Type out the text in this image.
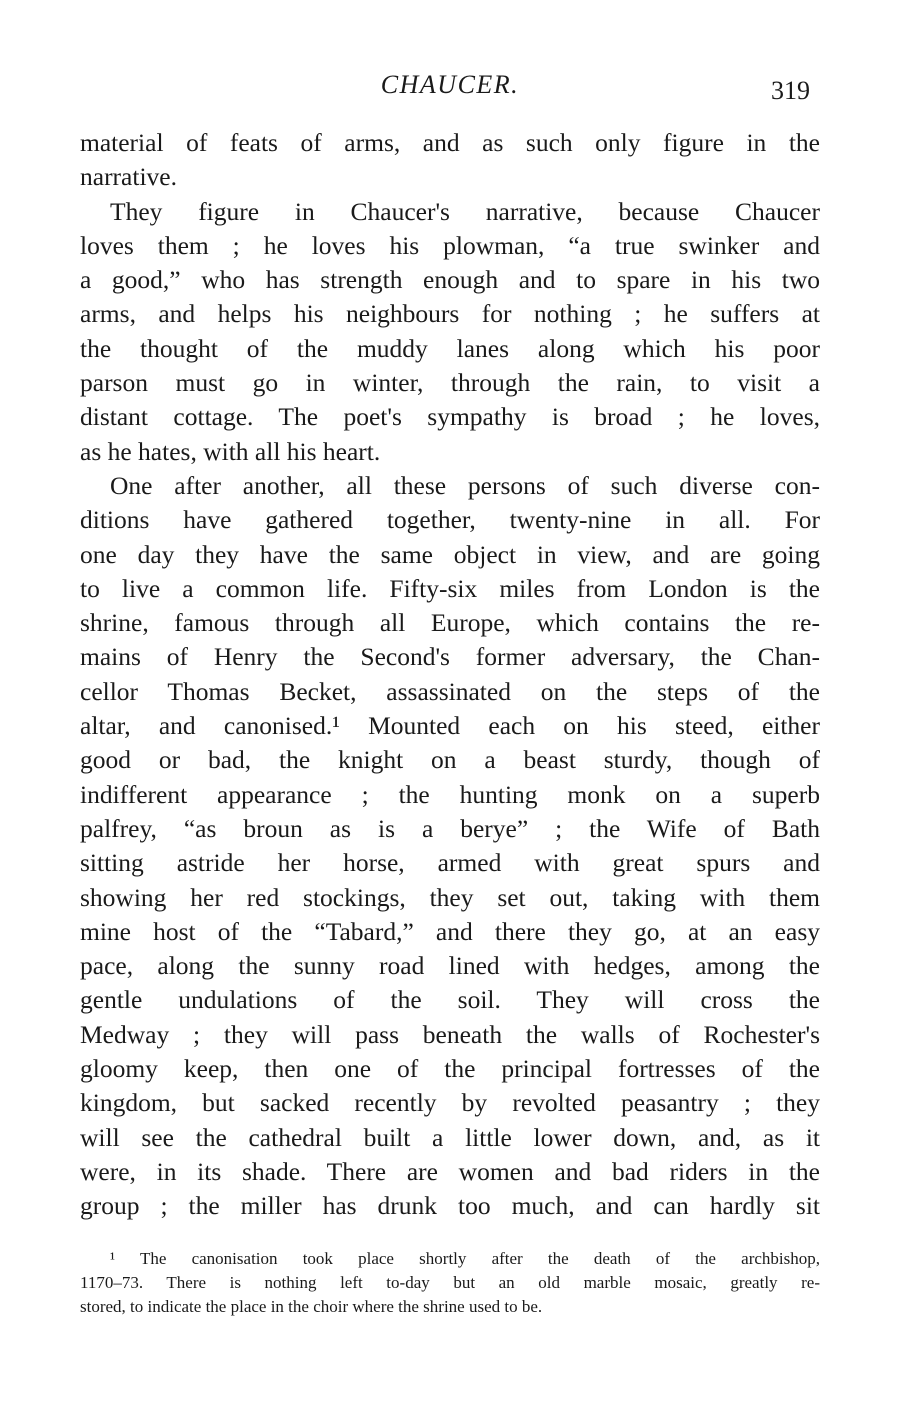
CHAUCER.	319
material of feats of arms, and as such only figure in the
narrative.
They figure in Chaucer's narrative, because Chaucer
loves them ; he loves his plowman, “a true swinker and
a good,” who has strength enough and to spare in his two
arms, and helps his neighbours for nothing ; he suffers at
the thought of the muddy lanes along which his poor
parson must go in winter, through the rain, to visit a
distant cottage. The poet's sympathy is broad ; he loves,
as he hates, with all his heart.
One after another, all these persons of such diverse con-
ditions have gathered together, twenty-nine in all. For
one day they have the same object in view, and are going
to live a common life. Fifty-six miles from London is the
shrine, famous through all Europe, which contains the re-
mains of Henry the Second's former adversary, the Chan-
cellor Thomas Becket, assassinated on the steps of the
altar, and canonised.¹ Mounted each on his steed, either
good or bad, the knight on a beast sturdy, though of
indifferent appearance ; the hunting monk on a superb
palfrey, “as broun as is a berye” ; the Wife of Bath
sitting astride her horse, armed with great spurs and
showing her red stockings, they set out, taking with them
mine host of the “Tabard,” and there they go, at an easy
pace, along the sunny road lined with hedges, among the
gentle undulations of the soil. They will cross the
Medway ; they will pass beneath the walls of Rochester's
gloomy keep, then one of the principal fortresses of the
kingdom, but sacked recently by revolted peasantry ; they
will see the cathedral built a little lower down, and, as it
were, in its shade. There are women and bad riders in the
group ; the miller has drunk too much, and can hardly sit
¹ The canonisation took place shortly after the death of the archbishop,
1170–73. There is nothing left to-day but an old marble mosaic, greatly re-
stored, to indicate the place in the choir where the shrine used to be.
